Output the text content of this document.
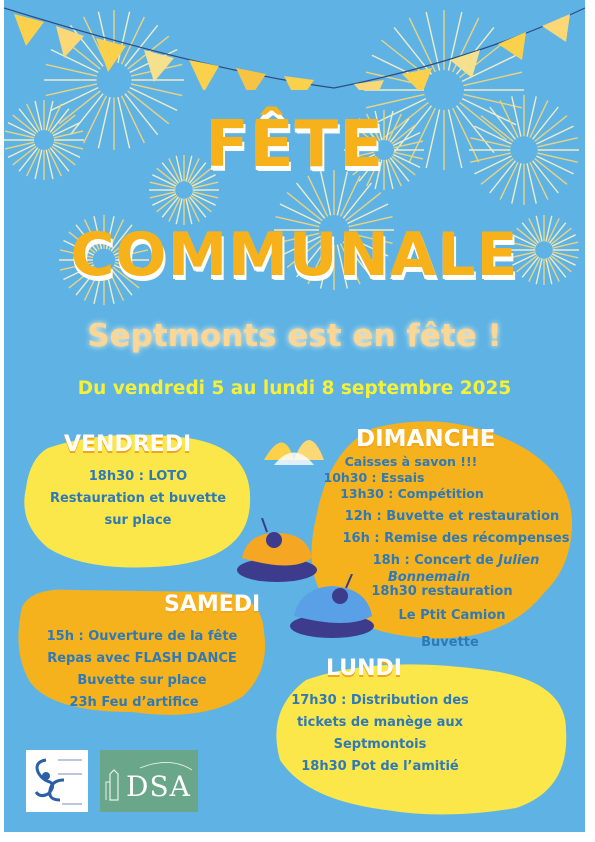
FÊTE
COMMUNALE
Septmonts est en fête !
Du vendredi 5 au lundi 8 septembre 2025
VENDREDI
18h30 : LOTO
Restauration et buvette
sur place
DIMANCHE
Caisses à savon !!!
10h30 : Essais
13h30 : Compétition
12h : Buvette et restauration
16h : Remise des récompenses
18h : Concert de Julien
Bonnemain
18h30 restauration
Le Ptit Camion
Buvette
SAMEDI
15h : Ouverture de la fête
Repas avec FLASH DANCE
Buvette sur place
23h Feu d’artifice
LUNDI
17h30 : Distribution des
tickets de manège aux
Septmontois
18h30 Pot de l’amitié
DSA
